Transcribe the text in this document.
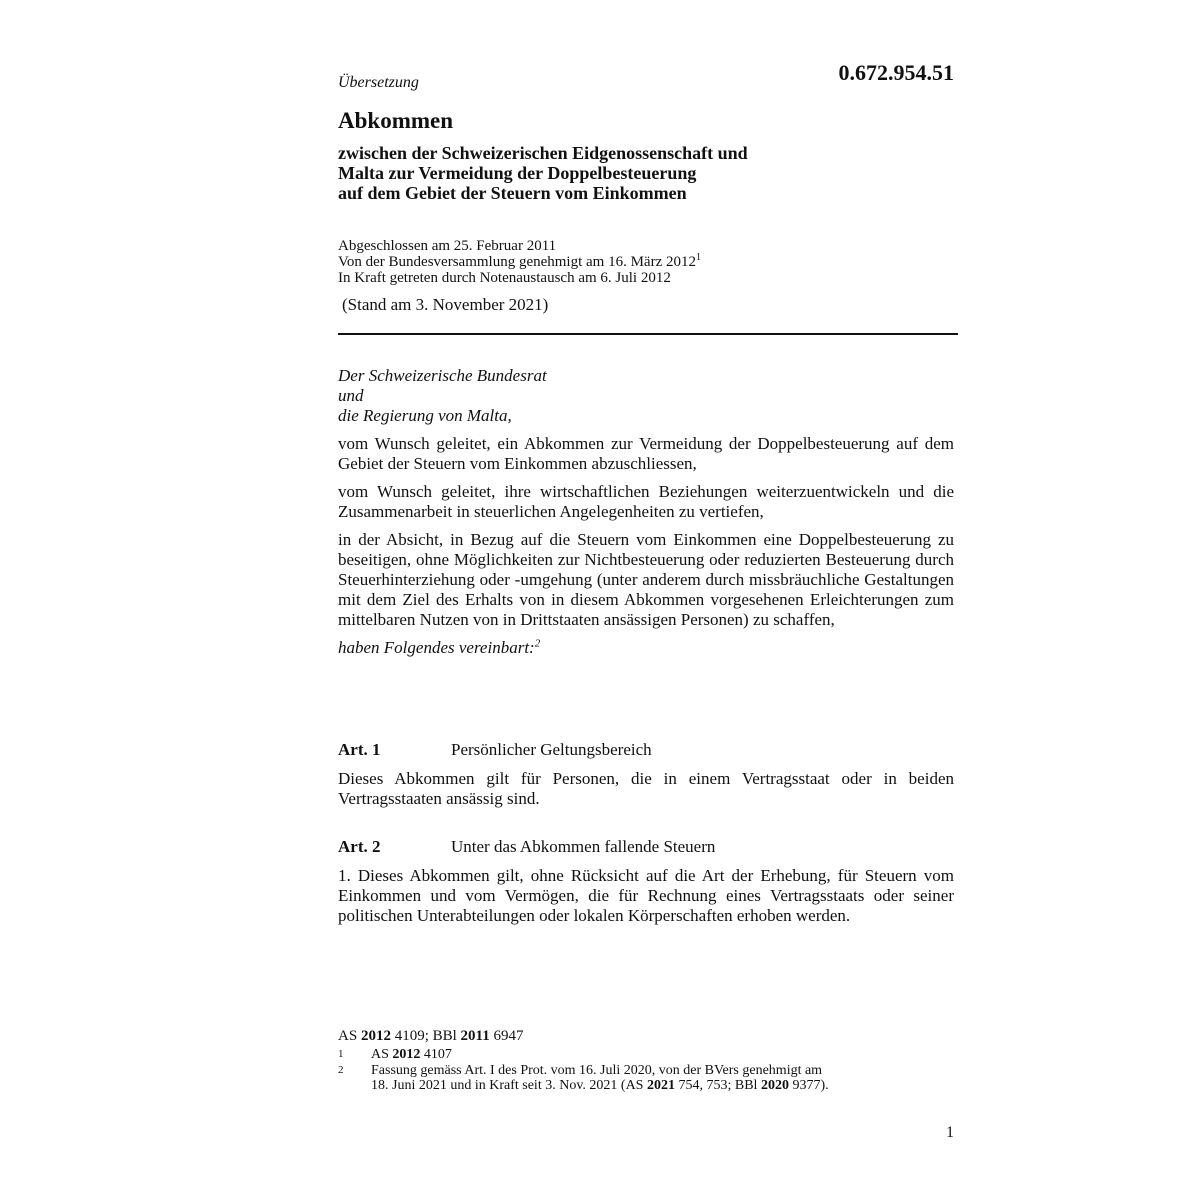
0.672.954.51
Übersetzung
Abkommen
zwischen der Schweizerischen Eidgenossenschaft und
Malta zur Vermeidung der Doppelbesteuerung
auf dem Gebiet der Steuern vom Einkommen
Abgeschlossen am 25. Februar 2011
Von der Bundesversammlung genehmigt am 16. März 2012$^1$
In Kraft getreten durch Notenaustausch am 6. Juli 2012
(Stand am 3. November 2021)
Der Schweizerische Bundesrat
und
die Regierung von Malta,

vom Wunsch geleitet, ein Abkommen zur Vermeidung der Doppelbesteuerung auf dem Gebiet der Steuern vom Einkommen abzuschliessen,

vom Wunsch geleitet, ihre wirtschaftlichen Beziehungen weiterzuentwickeln und die Zusammenarbeit in steuerlichen Angelegenheiten zu vertiefen,

in der Absicht, in Bezug auf die Steuern vom Einkommen eine Doppelbesteuerung zu beseitigen, ohne Möglichkeiten zur Nichtbesteuerung oder reduzierten Besteuerung durch Steuerhinterziehung oder -umgehung (unter anderem durch missbräuchliche Gestaltungen mit dem Ziel des Erhalts von in diesem Abkommen vorgesehenen Erleichterungen zum mittelbaren Nutzen von in Drittstaaten ansässigen Personen) zu schaffen,

haben Folgendes vereinbart:$^2$
Art. 1	Persönlicher Geltungsbereich
Dieses Abkommen gilt für Personen, die in einem Vertragsstaat oder in beiden Vertragsstaaten ansässig sind.
Art. 2	Unter das Abkommen fallende Steuern
1. Dieses Abkommen gilt, ohne Rücksicht auf die Art der Erhebung, für Steuern vom Einkommen und vom Vermögen, die für Rechnung eines Vertragsstaats oder seiner politischen Unterabteilungen oder lokalen Körperschaften erhoben werden.
AS 2012 4109; BBl 2011 6947
1 AS 2012 4107
2 Fassung gemäss Art. I des Prot. vom 16. Juli 2020, von der BVers genehmigt am
18. Juni 2021 und in Kraft seit 3. Nov. 2021 (AS 2021 754, 753; BBl 2020 9377).
1
